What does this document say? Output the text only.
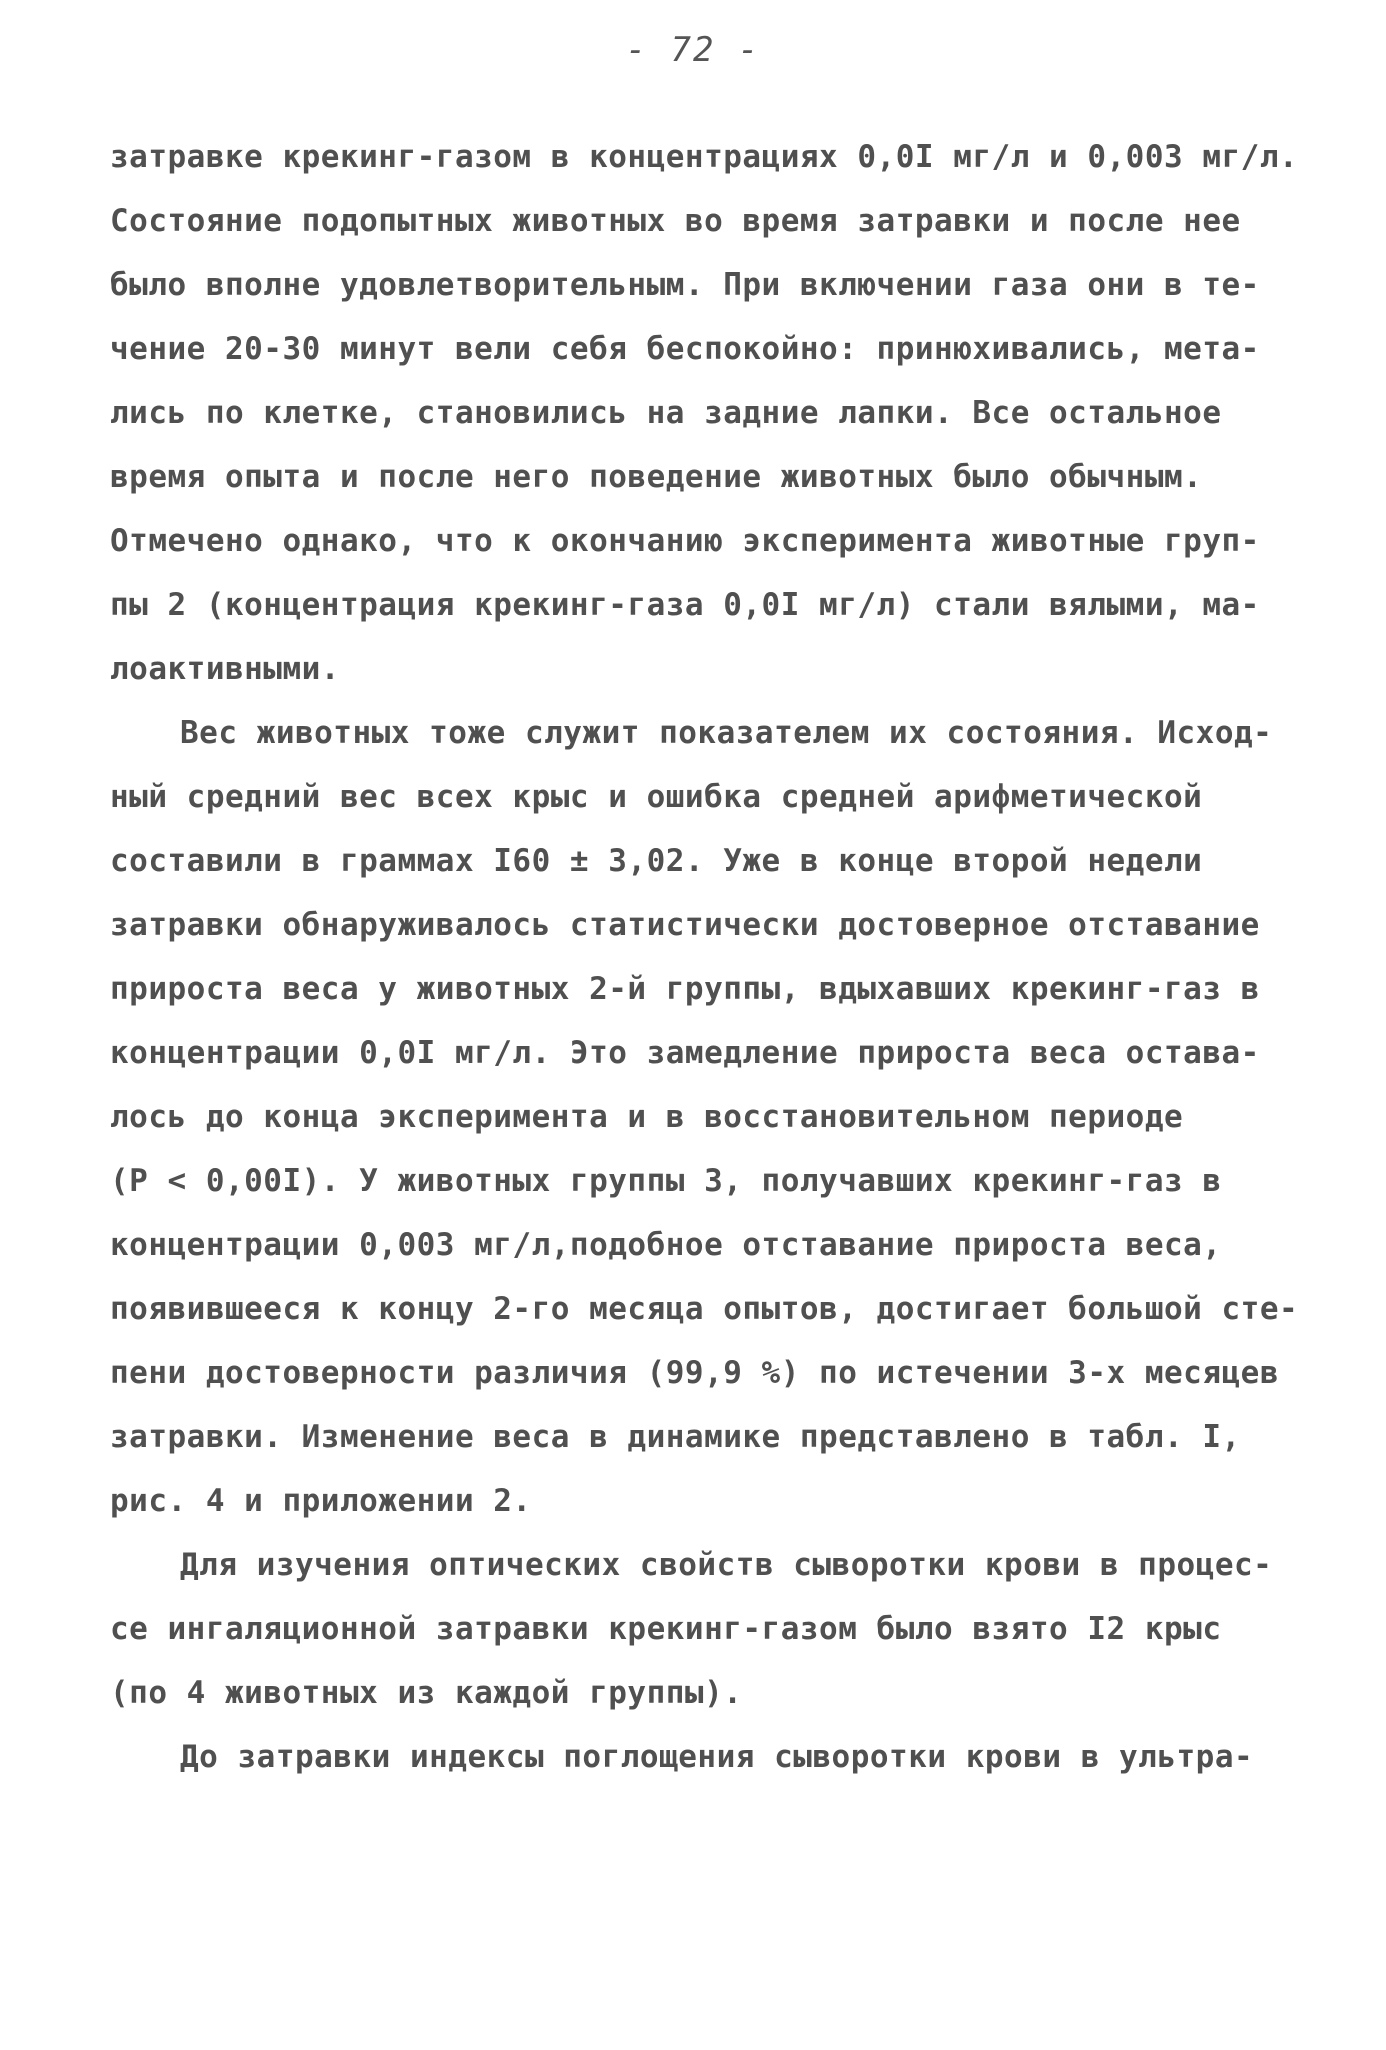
- 72 -
затравке крекинг-газом в концентрациях 0,0I мг/л и 0,003 мг/л.
Состояние подопытных животных во время затравки и после нее
было вполне удовлетворительным. При включении газа они в те-
чение 20-30 минут вели себя беспокойно: принюхивались, мета-
лись по клетке, становились на задние лапки. Все остальное
время опыта и после него поведение животных было обычным.
Отмечено однако, что к окончанию эксперимента животные груп-
пы 2 (концентрация крекинг-газа 0,0I мг/л) стали вялыми, ма-
лоактивными.
Вес животных тоже служит показателем их состояния. Исход-
ный средний вес всех крыс и ошибка средней арифметической
составили в граммах I60 ± 3,02. Уже в конце второй недели
затравки обнаруживалось статистически достоверное отставание
прироста веса у животных 2-й группы, вдыхавших крекинг-газ в
концентрации 0,0I мг/л. Это замедление прироста веса остава-
лось до конца эксперимента и в восстановительном периоде
(P < 0,00I). У животных группы 3, получавших крекинг-газ в
концентрации 0,003 мг/л,подобное отставание прироста веса,
появившееся к концу 2-го месяца опытов, достигает большой сте-
пени достоверности различия (99,9 %) по истечении 3-х месяцев
затравки. Изменение веса в динамике представлено в табл. I,
рис. 4 и приложении 2.
Для изучения оптических свойств сыворотки крови в процес-
се ингаляционной затравки крекинг-газом было взято I2 крыс
(по 4 животных из каждой группы).
До затравки индексы поглощения сыворотки крови в ультра-
